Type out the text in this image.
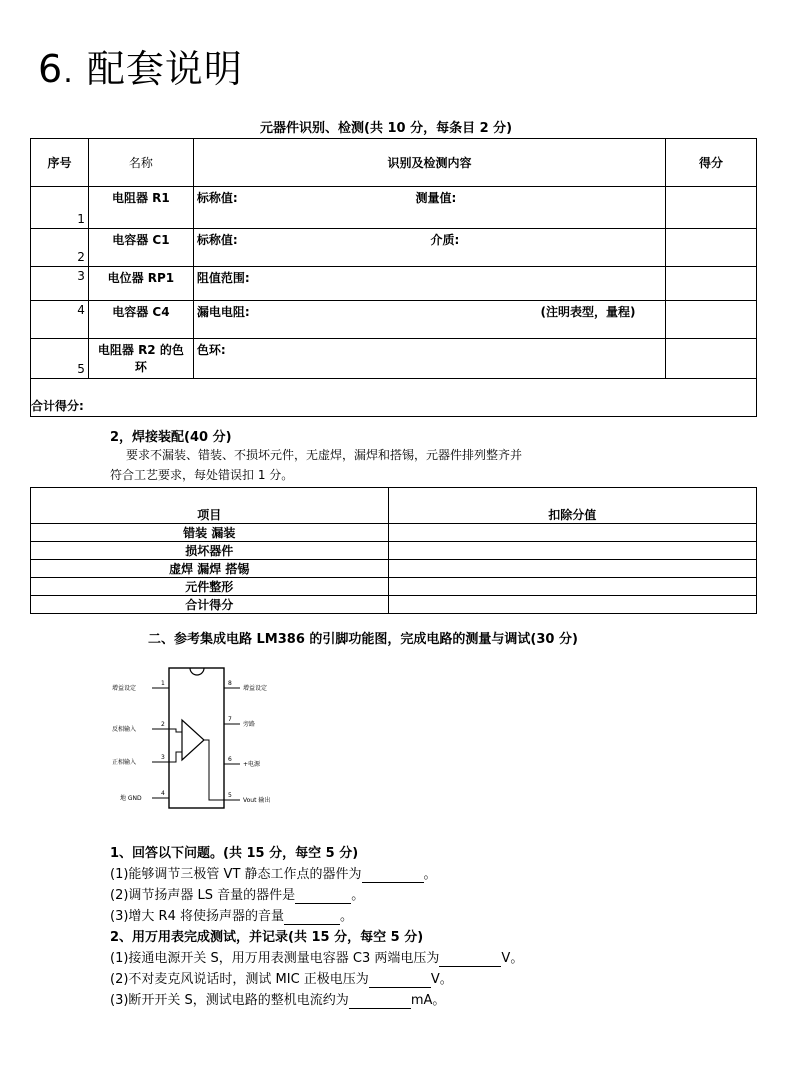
6. 配套说明
元器件识别、检测(共 10 分，每条目 2 分)
序号	名称	识别及检测内容	得分
1	电阻器 R1	标称值: 测量值:	

2	电容器 C1	标称值: 介质:	

3	电位器 RP1	阻值范围:	
4	电容器 C4	漏电电阻: (注明表型，量程)	

5	电阻器 R2 的色环	色环:	
合计得分:			
2，焊接装配(40 分)
要求不漏装、错装、不损坏元件，无虚焊，漏焊和搭锡，元器件排列整齐并
符合工艺要求，每处错误扣 1 分。
项目	扣除分值
错装 漏装	
损坏器件	
虚焊 漏焊 搭锡	
元件整形	
合计得分	
二、参考集成电路 LM386 的引脚功能图，完成电路的测量与调试(30 分)
增益设定
反相输入
正相输入
地 GND
增益设定
旁路
+电源
Vout 输出
1
2
3
4
8
7
6
5
1、回答以下问题。(共 15 分，每空 5 分)
(1)能够调节三极管 VT 静态工作点的器件为	。
(2)调节扬声器 LS 音量的器件是	。
(3)增大 R4 将使扬声器的音量	。
2、用万用表完成测试，并记录(共 15 分，每空 5 分)
(1)接通电源开关 S，用万用表测量电容器 C3 两端电压为	V。
(2)不对麦克风说话时，测试 MIC 正极电压为	V。
(3)断开开关 S，测试电路的整机电流约为	mA。
